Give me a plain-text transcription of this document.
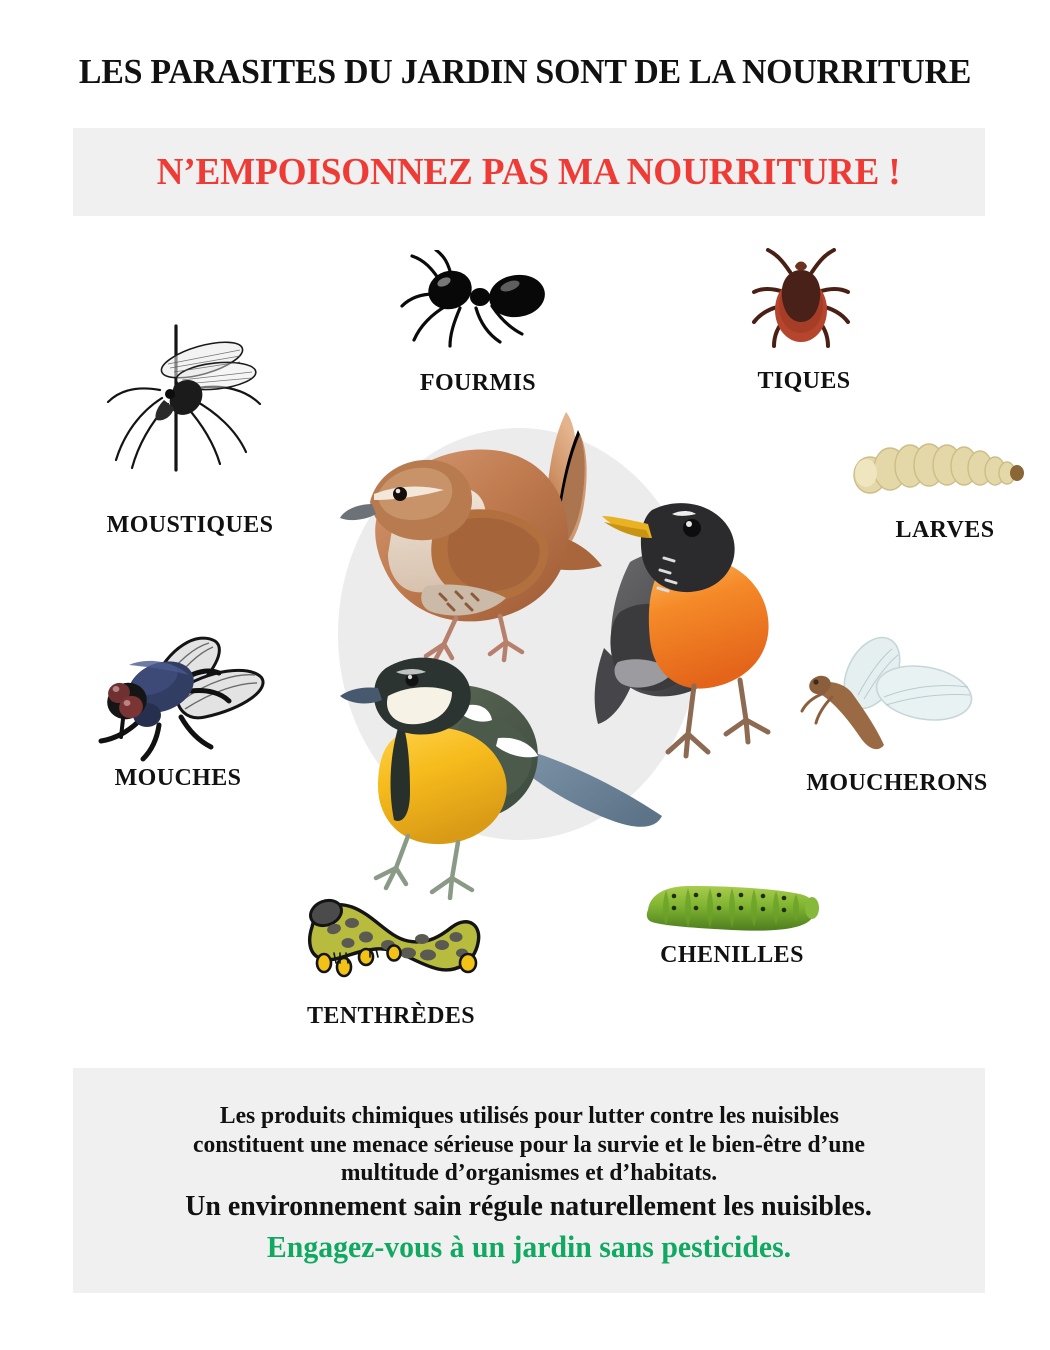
LES PARASITES DU JARDIN SONT DE LA NOURRITURE
N’EMPOISONNEZ PAS MA NOURRITURE !
MOUSTIQUES
FOURMIS	TIQUES
LARVES
MOUCHERONS
CHENILLES
TENTHRÈDES
MOUCHES
Les produits chimiques utilisés pour lutter contre les nuisibles
constituent une menace sérieuse pour la survie et le bien-être d’une
multitude d’organismes et d’habitats.
Un environnement sain régule naturellement les nuisibles.
Engagez-vous à un jardin sans pesticides.
